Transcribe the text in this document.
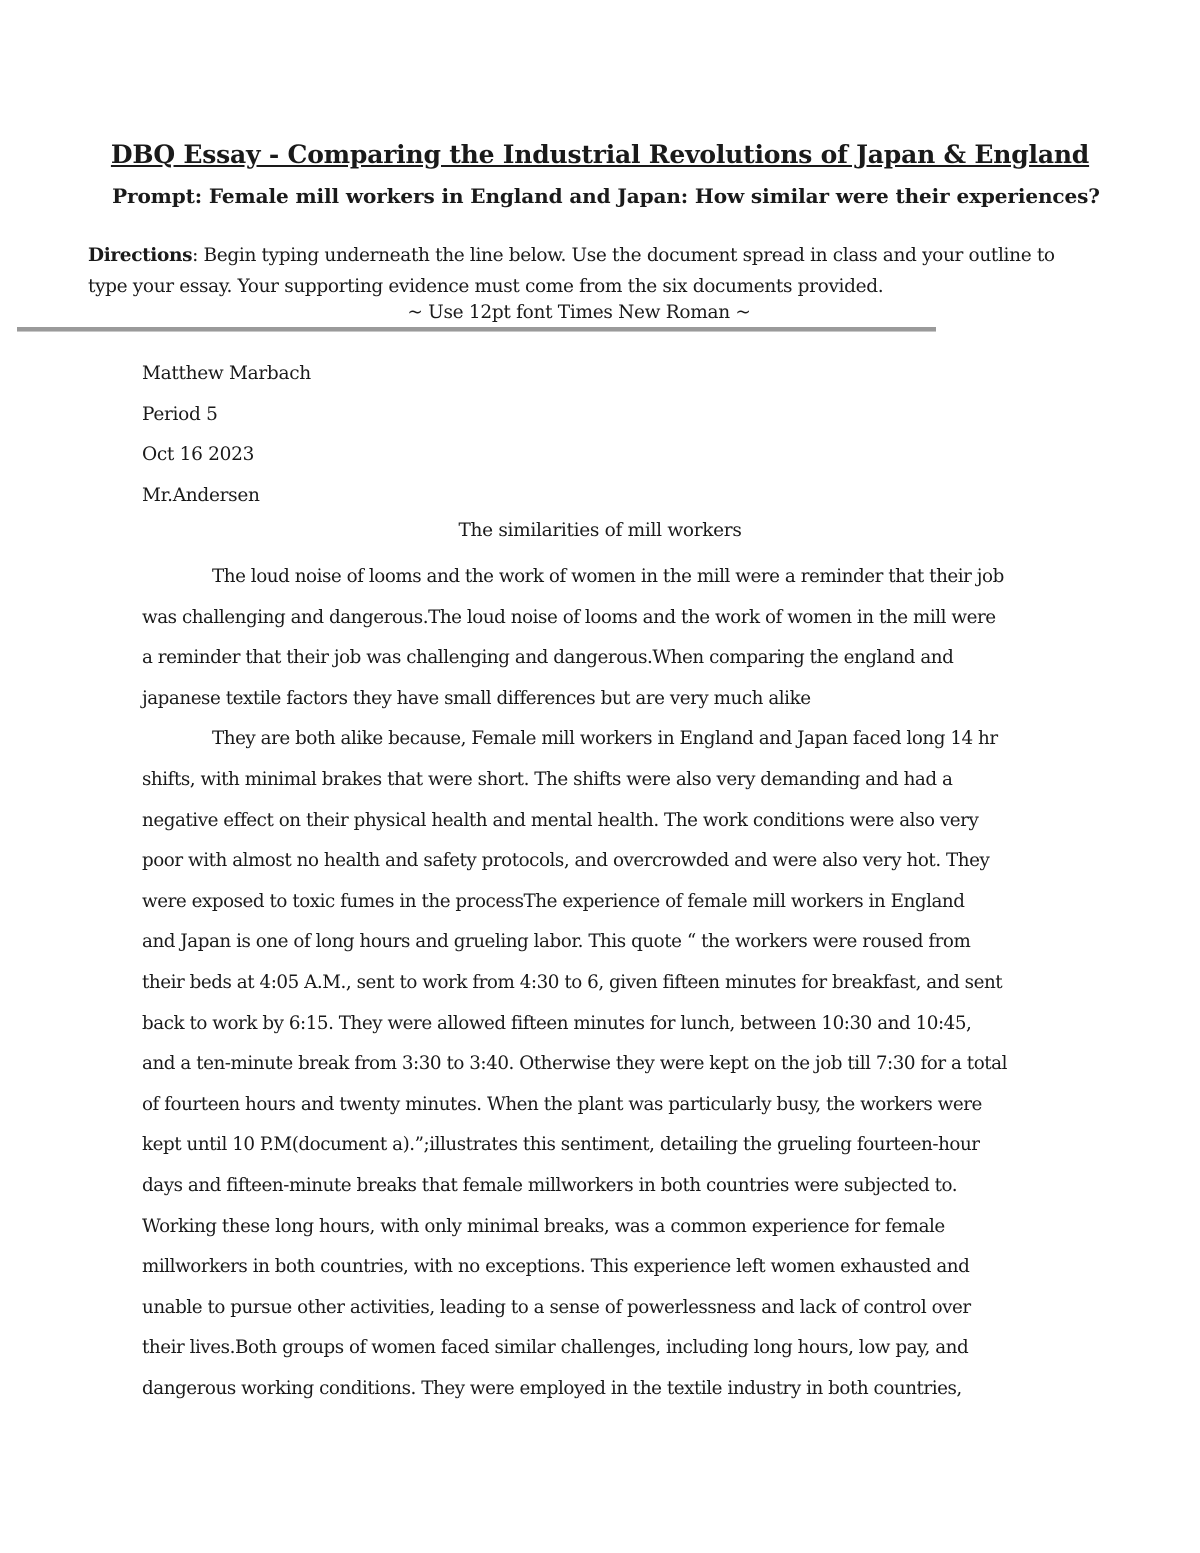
DBQ Essay - Comparing the Industrial Revolutions of Japan & England

Prompt: Female mill workers in England and Japan: How similar were their experiences?

Directions: Begin typing underneath the line below. Use the document spread in class and your outline to
type your essay. Your supporting evidence must come from the six documents provided.

~ Use 12pt font Times New Roman ~

Matthew Marbach
Period 5
Oct 16 2023
Mr.Andersen

The similarities of mill workers

The loud noise of looms and the work of women in the mill were a reminder that their job
was challenging and dangerous.The loud noise of looms and the work of women in the mill were
a reminder that their job was challenging and dangerous.When comparing the england and
japanese textile factors they have small differences but are very much alike
They are both alike because, Female mill workers in England and Japan faced long 14 hr
shifts, with minimal brakes that were short. The shifts were also very demanding and had a
negative effect on their physical health and mental health. The work conditions were also very
poor with almost no health and safety protocols, and overcrowded and were also very hot. They
were exposed to toxic fumes in the processThe experience of female mill workers in England
and Japan is one of long hours and grueling labor. This quote “ the workers were roused from
their beds at 4:05 A.M., sent to work from 4:30 to 6, given fifteen minutes for breakfast, and sent
back to work by 6:15. They were allowed fifteen minutes for lunch, between 10:30 and 10:45,
and a ten-minute break from 3:30 to 3:40. Otherwise they were kept on the job till 7:30 for a total
of fourteen hours and twenty minutes. When the plant was particularly busy, the workers were
kept until 10 P.M(document a).”;illustrates this sentiment, detailing the grueling fourteen-hour
days and fifteen-minute breaks that female millworkers in both countries were subjected to.
Working these long hours, with only minimal breaks, was a common experience for female
millworkers in both countries, with no exceptions. This experience left women exhausted and
unable to pursue other activities, leading to a sense of powerlessness and lack of control over
their lives.Both groups of women faced similar challenges, including long hours, low pay, and
dangerous working conditions. They were employed in the textile industry in both countries,
